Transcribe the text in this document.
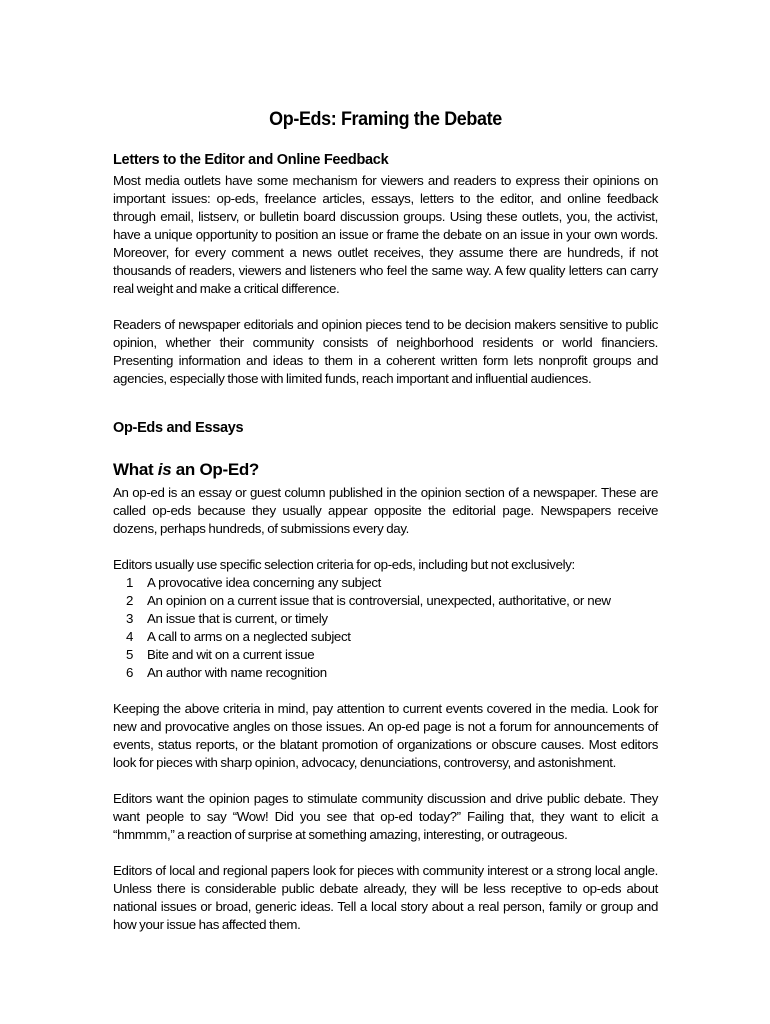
Op-Eds: Framing the Debate
Letters to the Editor and Online Feedback

Most media outlets have some mechanism for viewers and readers to express their opinions on important issues: op-eds, freelance articles, essays, letters to the editor, and online feedback through email, listserv, or bulletin board discussion groups. Using these outlets, you, the activist, have a unique opportunity to position an issue or frame the debate on an issue in your own words. Moreover, for every comment a news outlet receives, they assume there are hundreds, if not thousands of readers, viewers and listeners who feel the same way. A few quality letters can carry real weight and make a critical difference.

Readers of newspaper editorials and opinion pieces tend to be decision makers sensitive to public opinion, whether their community consists of neighborhood residents or world financiers. Presenting information and ideas to them in a coherent written form lets nonprofit groups and agencies, especially those with limited funds, reach important and influential audiences.

Op-Eds and Essays
What is an Op-Ed?

An op-ed is an essay or guest column published in the opinion section of a newspaper. These are called op-eds because they usually appear opposite the editorial page. Newspapers receive dozens, perhaps hundreds, of submissions every day.

Editors usually use specific selection criteria for op-eds, including but not exclusively:

1 A provocative idea concerning any subject
2 An opinion on a current issue that is controversial, unexpected, authoritative, or new
3 An issue that is current, or timely
4 A call to arms on a neglected subject
5 Bite and wit on a current issue
6 An author with name recognition

Keeping the above criteria in mind, pay attention to current events covered in the media. Look for new and provocative angles on those issues. An op-ed page is not a forum for announcements of events, status reports, or the blatant promotion of organizations or obscure causes. Most editors look for pieces with sharp opinion, advocacy, denunciations, controversy, and astonishment.

Editors want the opinion pages to stimulate community discussion and drive public debate. They want people to say “Wow! Did you see that op-ed today?” Failing that, they want to elicit a “hmmmm,” a reaction of surprise at something amazing, interesting, or outrageous.

Editors of local and regional papers look for pieces with community interest or a strong local angle. Unless there is considerable public debate already, they will be less receptive to op-eds about national issues or broad, generic ideas. Tell a local story about a real person, family or group and how your issue has affected them.
